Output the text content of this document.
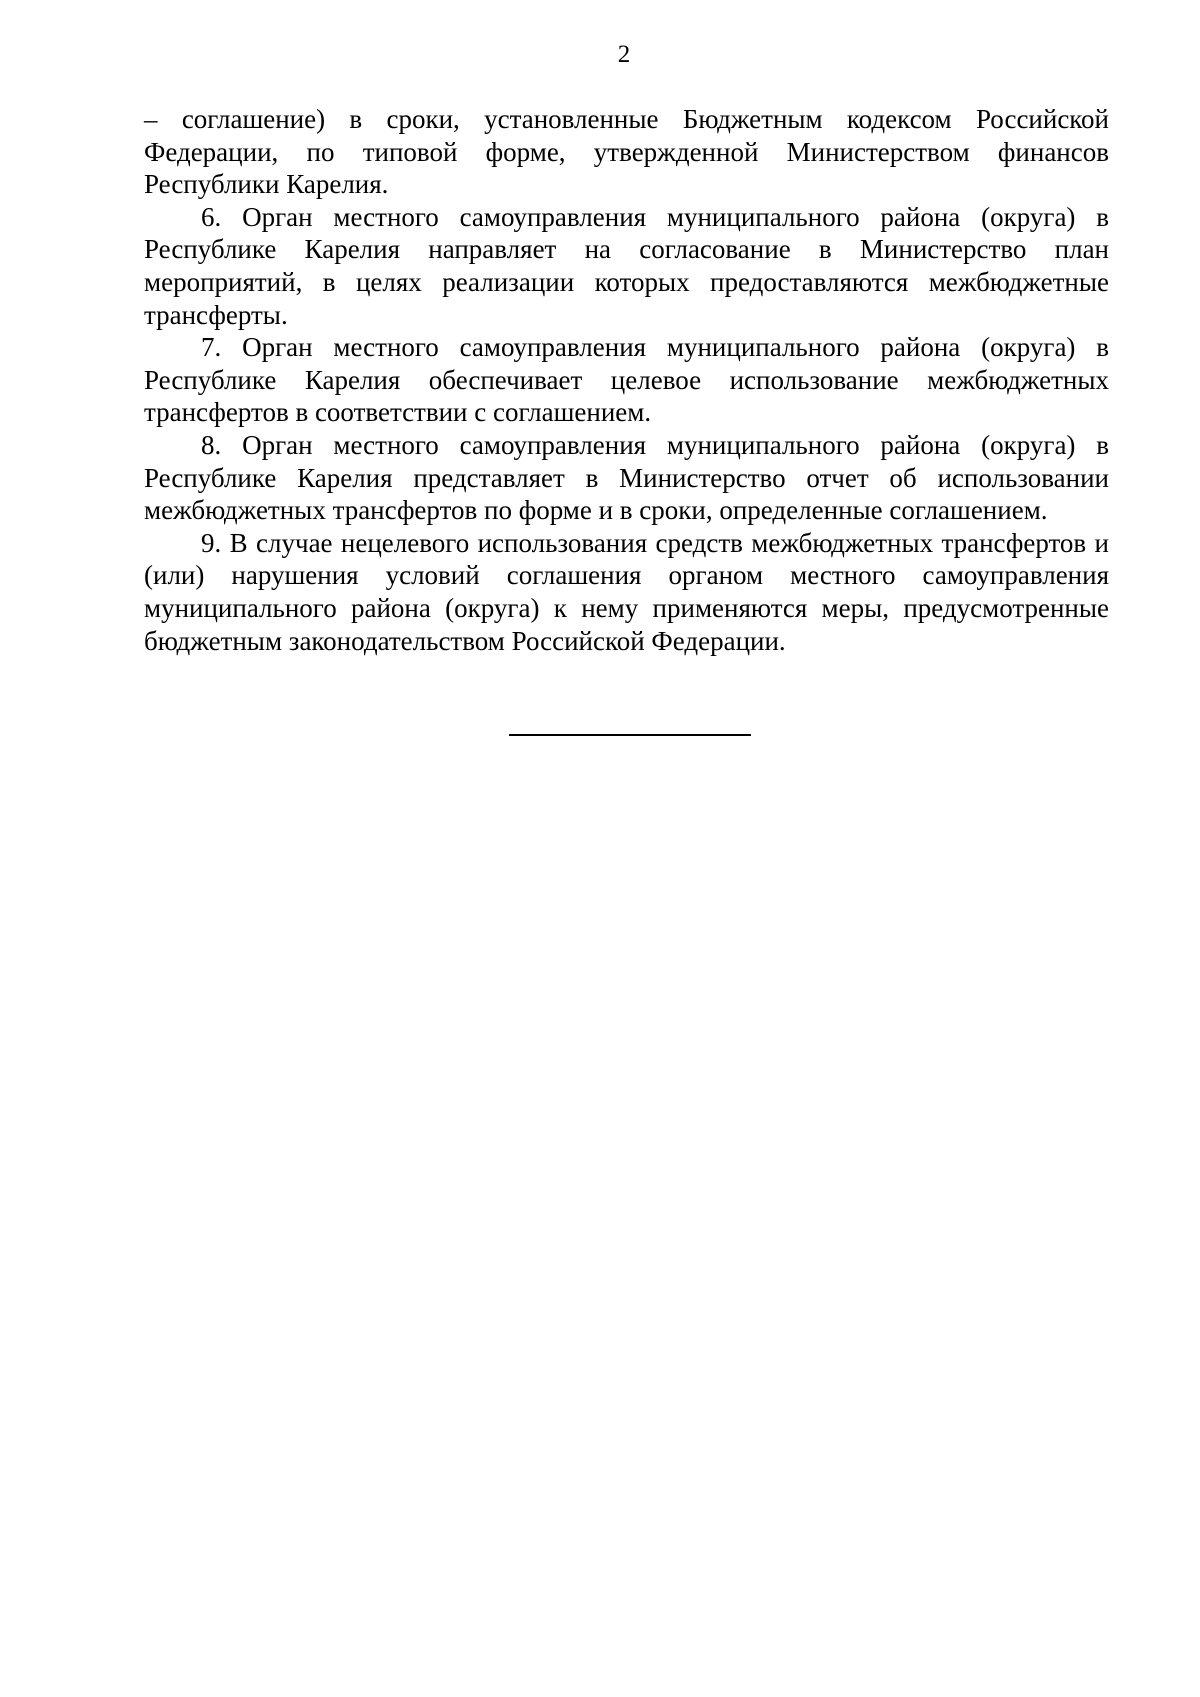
2

– соглашение) в сроки, установленные Бюджетным кодексом Российской Федерации, по типовой форме, утвержденной Министерством финансов Республики Карелия.

6. Орган местного самоуправления муниципального района (округа) в Республике Карелия направляет на согласование в Министерство план мероприятий, в целях реализации которых предоставляются межбюджетные трансферты.

7. Орган местного самоуправления муниципального района (округа) в Республике Карелия обеспечивает целевое использование межбюджетных трансфертов в соответствии с соглашением.

8. Орган местного самоуправления муниципального района (округа) в Республике Карелия представляет в Министерство отчет об использовании межбюджетных трансфертов по форме и в сроки, определенные соглашением.

9. В случае нецелевого использования средств межбюджетных трансфертов и (или) нарушения условий соглашения органом местного самоуправления муниципального района (округа) к нему применяются меры, предусмотренные бюджетным законодательством Российской Федерации.
